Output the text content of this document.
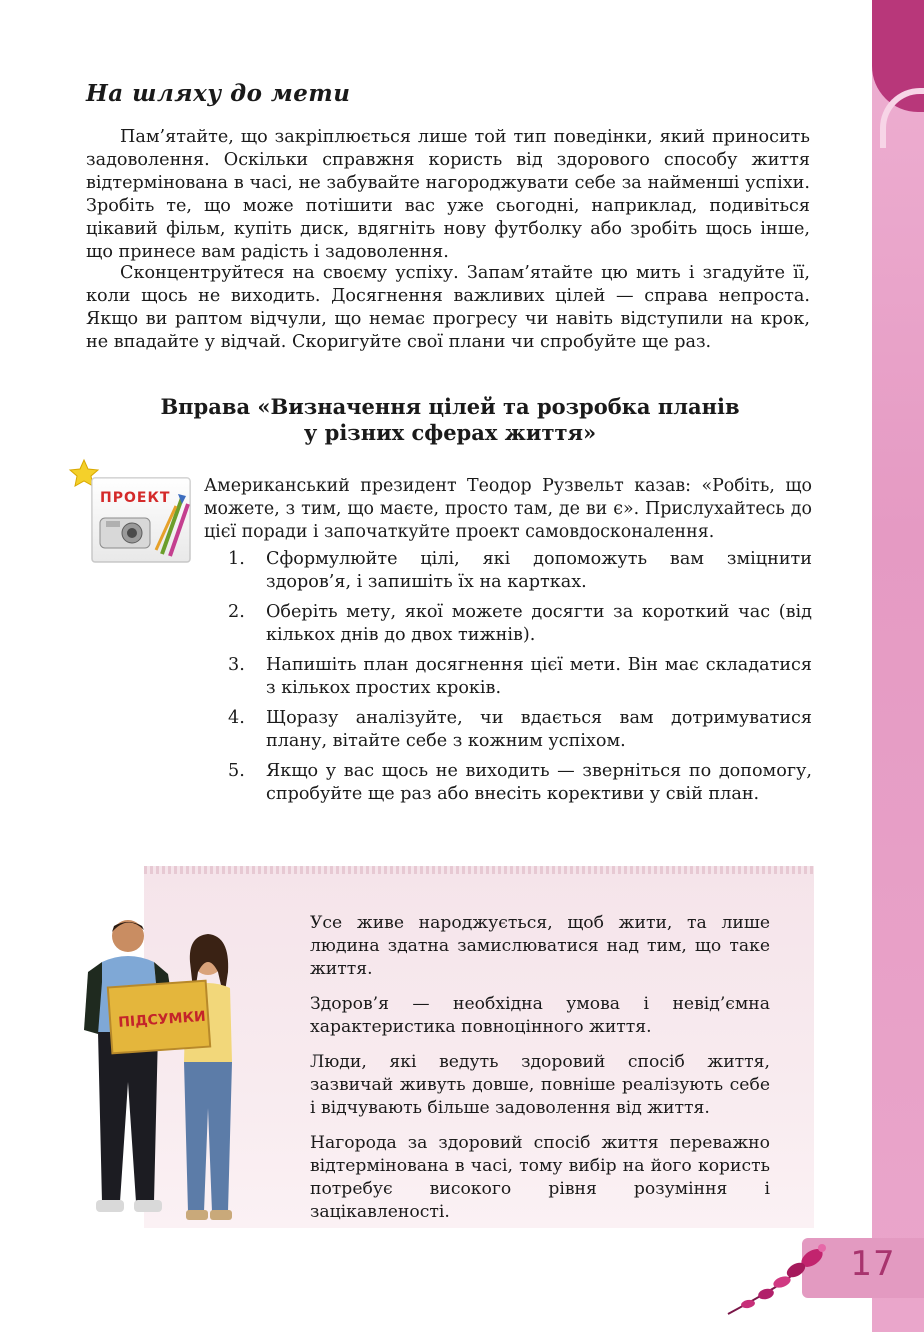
На шляху до мети

Пам’ятайте, що закріплюється лише той тип поведінки, який приносить задоволення. Оскільки справжня користь від здорового способу життя відтермінована в часі, не забувайте нагороджувати себе за найменші успіхи. Зробіть те, що може потішити вас уже сьогодні, наприклад, подивіться цікавий фільм, купіть диск, вдягніть нову футболку або зробіть щось інше, що принесе вам радість і задоволення.

Сконцентруйтеся на своєму успіху. Запам’ятайте цю мить і згадуйте її, коли щось не виходить. Досягнення важливих цілей — справа непроста. Якщо ви раптом відчули, що немає прогресу чи навіть відступили на крок, не впадайте у відчай. Скоригуйте свої плани чи спробуйте ще раз.

Вправа «Визначення цілей та розробка планів
у різних сферах життя»
ПРОЕКТ

Американський президент Теодор Рузвельт казав: «Робіть, що можете, з тим, що маєте, просто там, де ви є». Прислухайтесь до цієї поради і започаткуйте проект самовдосконалення.

1.	Сформулюйте цілі, які допоможуть вам зміцнити здоров’я, і запишіть їх на картках.
2.	Оберіть мету, якої можете досягти за короткий час (від кількох днів до двох тижнів).
3.	Напишіть план досягнення цієї мети. Він має складатися з кількох простих кроків.
4.	Щоразу аналізуйте, чи вдається вам дотримуватися плану, вітайте себе з кожним успіхом.
5.	Якщо у вас щось не виходить — зверніться по допомогу, спробуйте ще раз або внесіть корективи у свій план.
ПІДСУМКИ

Усе живе народжується, щоб жити, та лише людина здатна замислюватися над тим, що таке життя.

Здоров’я — необхідна умова і невід’ємна характеристика повноцінного життя.

Люди, які ведуть здоровий спосіб життя, зазвичай живуть довше, повніше реалізують себе і відчувають більше задоволення від життя.

Нагорода за здоровий спосіб життя переважно відтермінована в часі, тому вибір на його користь потребує високого рівня розуміння і зацікавленості.

17
